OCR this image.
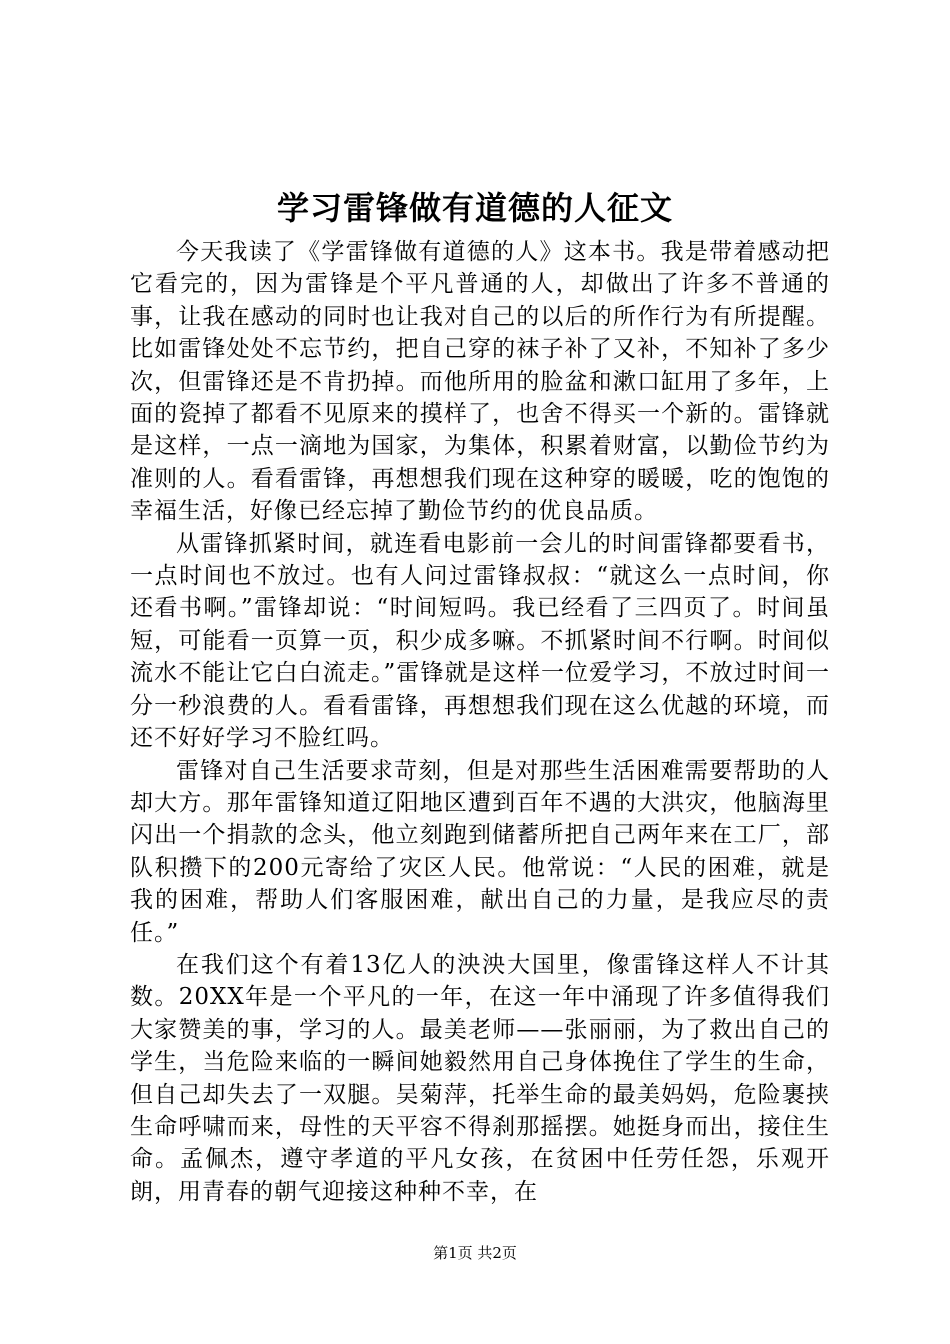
学习雷锋做有道德的人征文

今天我读了《学雷锋做有道德的人》这本书。我是带着感动把它看完的，因为雷锋是个平凡普通的人，却做出了许多不普通的事，让我在感动的同时也让我对自己的以后的所作行为有所提醒。比如雷锋处处不忘节约，把自己穿的袜子补了又补，不知补了多少次，但雷锋还是不肯扔掉。而他所用的脸盆和漱口缸用了多年，上面的瓷掉了都看不见原来的摸样了，也舍不得买一个新的。雷锋就是这样，一点一滴地为国家，为集体，积累着财富，以勤俭节约为准则的人。看看雷锋，再想想我们现在这种穿的暖暖，吃的饱饱的幸福生活，好像已经忘掉了勤俭节约的优良品质。

从雷锋抓紧时间，就连看电影前一会儿的时间雷锋都要看书，一点时间也不放过。也有人问过雷锋叔叔：“就这么一点时间，你还看书啊。”雷锋却说：“时间短吗。我已经看了三四页了。时间虽短，可能看一页算一页，积少成多嘛。不抓紧时间不行啊。时间似流水不能让它白白流走。”雷锋就是这样一位爱学习，不放过时间一分一秒浪费的人。看看雷锋，再想想我们现在这么优越的环境，而还不好好学习不脸红吗。

雷锋对自己生活要求苛刻，但是对那些生活困难需要帮助的人却大方。那年雷锋知道辽阳地区遭到百年不遇的大洪灾，他脑海里闪出一个捐款的念头，他立刻跑到储蓄所把自己两年来在工厂，部队积攒下的200元寄给了灾区人民。他常说：“人民的困难，就是我的困难，帮助人们客服困难，献出自己的力量，是我应尽的责任。”

在我们这个有着13亿人的泱泱大国里，像雷锋这样人不计其数。20XX年是一个平凡的一年，在这一年中涌现了许多值得我们大家赞美的事，学习的人。最美老师——张丽丽，为了救出自己的学生，当危险来临的一瞬间她毅然用自己身体挽住了学生的生命，但自己却失去了一双腿。吴菊萍，托举生命的最美妈妈，危险裹挟生命呼啸而来，母性的天平容不得刹那摇摆。她挺身而出，接住生命。孟佩杰，遵守孝道的平凡女孩，在贫困中任劳任怨，乐观开朗，用青春的朝气迎接这种种不幸，在

第1页 共2页
